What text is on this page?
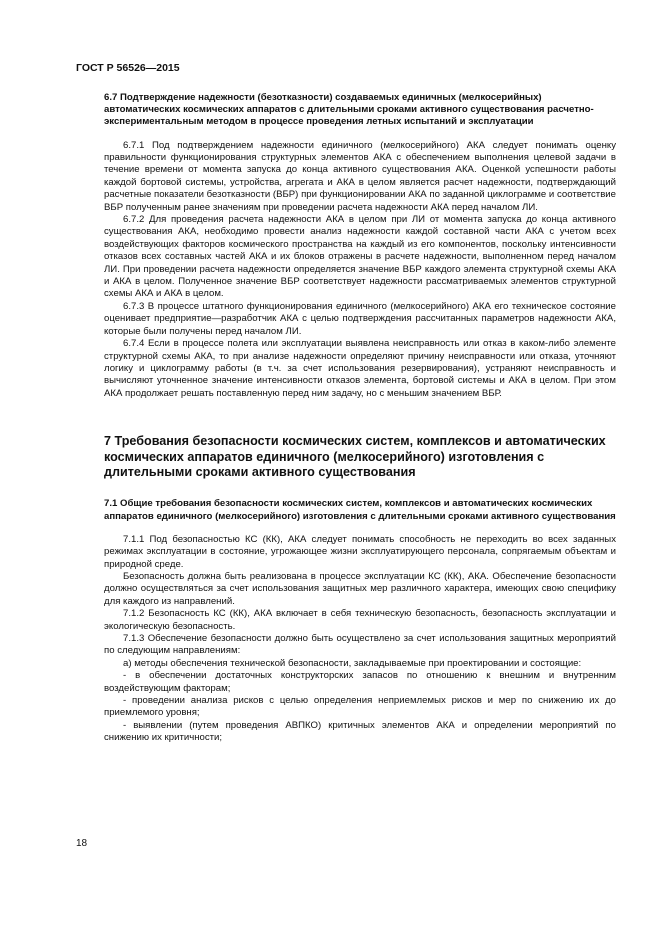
ГОСТ Р 56526—2015
6.7 Подтверждение надежности (безотказности) создаваемых единичных (мелкосерийных) автоматических космических аппаратов с длительными сроками активного существования расчетно-экспериментальным методом в процессе проведения летных испытаний и эксплуатации

6.7.1 Под подтверждением надежности единичного (мелкосерийного) АКА следует понимать оценку правильности функционирования структурных элементов АКА с обеспечением выполнения целевой задачи в течение времени от момента запуска до конца активного существования АКА. Оценкой успешности работы каждой бортовой системы, устройства, агрегата и АКА в целом является расчет надежности, подтверждающий расчетные показатели безотказности (ВБР) при функционировании АКА по заданной циклограмме и соответствие ВБР полученным ранее значениям при проведении расчета надежности АКА перед началом ЛИ.

6.7.2 Для проведения расчета надежности АКА в целом при ЛИ от момента запуска до конца активного существования АКА, необходимо провести анализ надежности каждой составной части АКА с учетом всех воздействующих факторов космического пространства на каждый из его компонентов, поскольку интенсивности отказов всех составных частей АКА и их блоков отражены в расчете надежности, выполненном перед началом ЛИ. При проведении расчета надежности определяется значение ВБР каждого элемента структурной схемы АКА и АКА в целом. Полученное значение ВБР соответствует надежности рассматриваемых элементов структурной схемы АКА и АКА в целом.

6.7.3 В процессе штатного функционирования единичного (мелкосерийного) АКА его техническое состояние оценивает предприятие—разработчик АКА с целью подтверждения рассчитанных параметров надежности АКА, которые были получены перед началом ЛИ.

6.7.4 Если в процессе полета или эксплуатации выявлена неисправность или отказ в каком-либо элементе структурной схемы АКА, то при анализе надежности определяют причину неисправности или отказа, уточняют логику и циклограмму работы (в т.ч. за счет использования резервирования), устраняют неисправность и вычисляют уточненное значение интенсивности отказов элемента, бортовой системы и АКА в целом. При этом АКА продолжает решать поставленную перед ним задачу, но с меньшим значением ВБР.

7 Требования безопасности космических систем, комплексов и автоматических космических аппаратов единичного (мелкосерийного) изготовления с длительными сроками активного существования
7.1 Общие требования безопасности космических систем, комплексов и автоматических космических аппаратов единичного (мелкосерийного) изготовления с длительными сроками активного существования

7.1.1 Под безопасностью КС (КК), АКА следует понимать способность не переходить во всех заданных режимах эксплуатации в состояние, угрожающее жизни эксплуатирующего персонала, сопрягаемым объектам и природной среде.

Безопасность должна быть реализована в процессе эксплуатации КС (КК), АКА. Обеспечение безопасности должно осуществляться за счет использования защитных мер различного характера, имеющих свою специфику для каждого из направлений.

7.1.2 Безопасность КС (КК), АКА включает в себя техническую безопасность, безопасность эксплуатации и экологическую безопасность.

7.1.3 Обеспечение безопасности должно быть осуществлено за счет использования защитных мероприятий по следующим направлениям:

а) методы обеспечения технической безопасности, закладываемые при проектировании и состоящие:

- в обеспечении достаточных конструкторских запасов по отношению к внешним и внутренним воздействующим факторам;

- проведении анализа рисков с целью определения неприемлемых рисков и мер по снижению их до приемлемого уровня;

- выявлении (путем проведения АВПКО) критичных элементов АКА и определении мероприятий по снижению их критичности;

18
